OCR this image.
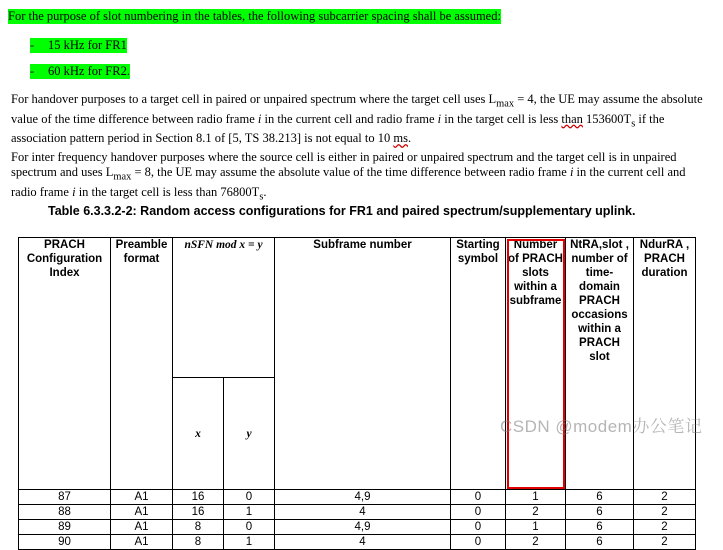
For the purpose of slot numbering in the tables, the following subcarrier spacing shall be assumed:
- 15 kHz for FR1
- 60 kHz for FR2.
For handover purposes to a target cell in paired or unpaired spectrum where the target cell uses $L_{max} = 4$, the UE may assume the absolute value of the time difference between radio frame i in the current cell and radio frame i in the target cell is less than $153600T_s$ if the association pattern period in Section 8.1 of [5, TS 38.213] is not equal to 10 ms.
For inter frequency handover purposes where the source cell is either in paired or unpaired spectrum and the target cell is in unpaired spectrum and uses $L_{max} = 8$, the UE may assume the absolute value of the time difference between radio frame i in the current cell and radio frame i in the target cell is less than $76800T_s$.
Table 6.3.3.2-2: Random access configurations for FR1 and paired spectrum/supplementary uplink.
PRACH Configuration Index	Preamble format	nSFN mod x = y		Subframe number	Starting symbol	Number of PRACH slots within a subframe	NtRA,slot , number of time-domain PRACH occasions within a PRACH slot	NdurRA , PRACH duration
		x	y					
87	A1	16	0	4,9	0	1	6	2
88	A1	16	1	4	0	2	6	2
89	A1	8	0	4,9	0	1	6	2
90	A1	8	1	4	0	2	6	2
CSDN @modem办公笔记
